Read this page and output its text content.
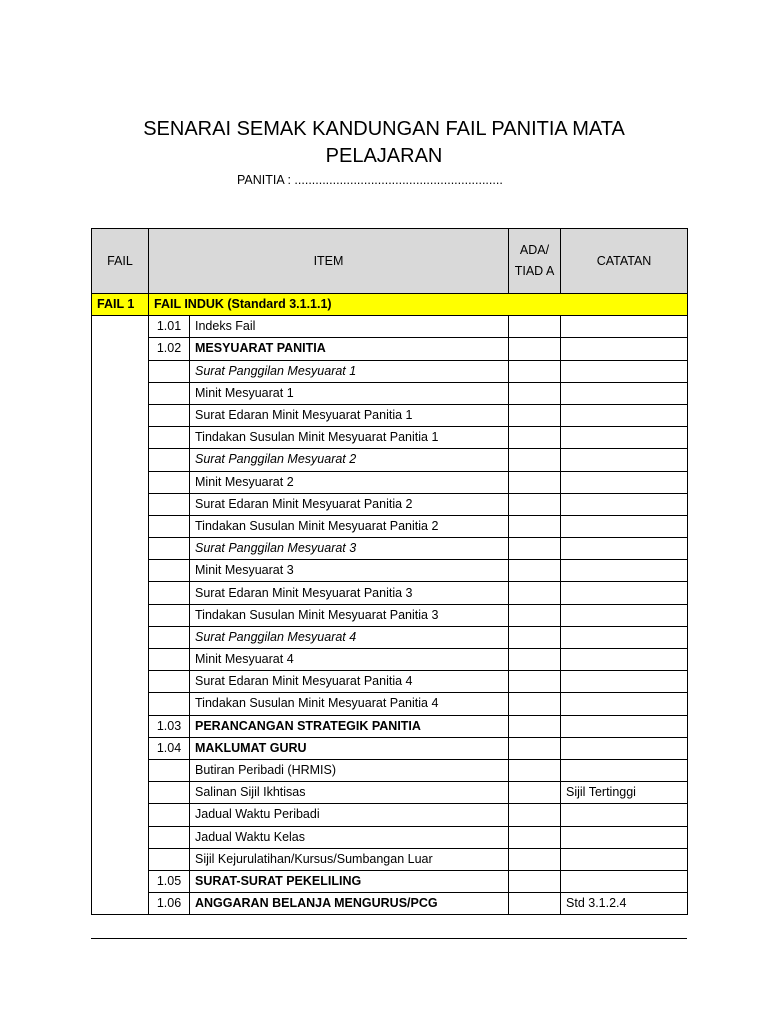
SENARAI SEMAK KANDUNGAN FAIL PANITIA MATA
PELAJARAN
PANITIA : ............................................................
FAIL	ITEM		ADA/ TIAD A	CATATAN
FAIL 1	FAIL INDUK (Standard 3.1.1.1)			
	1.01	Indeks Fail		
	1.02	MESYUARAT PANITIA		
		Surat Panggilan Mesyuarat 1		
		Minit Mesyuarat 1		
		Surat Edaran Minit Mesyuarat Panitia 1		
		Tindakan Susulan Minit Mesyuarat Panitia 1		
		Surat Panggilan Mesyuarat 2		
		Minit Mesyuarat 2		
		Surat Edaran Minit Mesyuarat Panitia 2		
		Tindakan Susulan Minit Mesyuarat Panitia 2		
		Surat Panggilan Mesyuarat 3		
		Minit Mesyuarat 3		
		Surat Edaran Minit Mesyuarat Panitia 3		
		Tindakan Susulan Minit Mesyuarat Panitia 3		
		Surat Panggilan Mesyuarat 4		
		Minit Mesyuarat 4		
		Surat Edaran Minit Mesyuarat Panitia 4		
		Tindakan Susulan Minit Mesyuarat Panitia 4		
	1.03	PERANCANGAN STRATEGIK PANITIA		
	1.04	MAKLUMAT GURU		
		Butiran Peribadi (HRMIS)		
		Salinan Sijil Ikhtisas		Sijil Tertinggi
		Jadual Waktu Peribadi		
		Jadual Waktu Kelas		
		Sijil Kejurulatihan/Kursus/Sumbangan Luar		
	1.05	SURAT-SURAT PEKELILING		
	1.06	ANGGARAN BELANJA MENGURUS/PCG		Std 3.1.2.4
